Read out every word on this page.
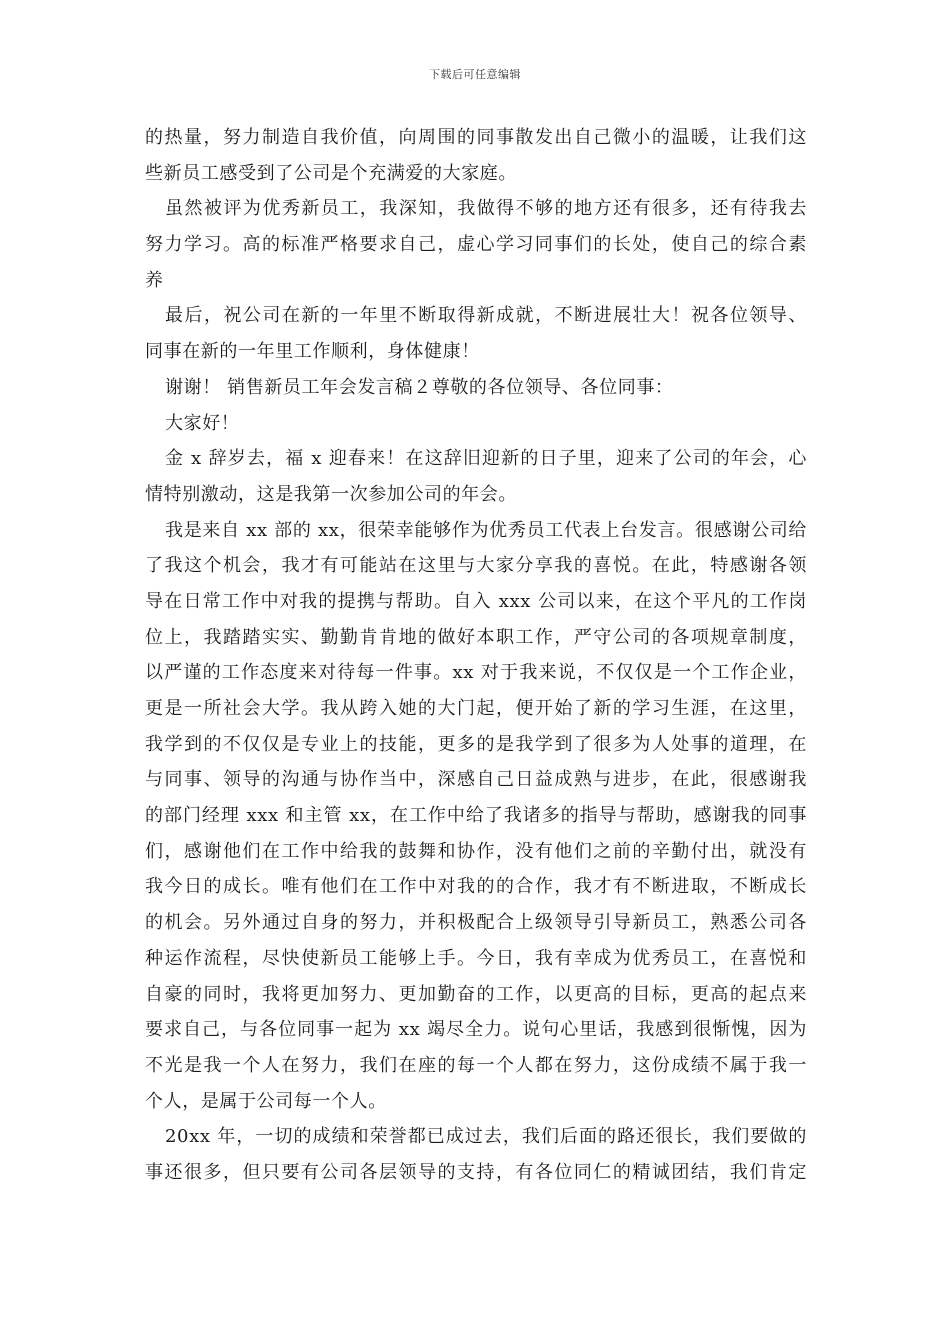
下载后可任意编辑
的热量，努力制造自我价值，向周围的同事散发出自己微小的温暖，让我们这
些新员工感受到了公司是个充满爱的大家庭。
虽然被评为优秀新员工，我深知，我做得不够的地方还有很多，还有待我去
努力学习。高的标准严格要求自己，虚心学习同事们的长处，使自己的综合素
养
最后，祝公司在新的一年里不断取得新成就，不断进展壮大！祝各位领导、
同事在新的一年里工作顺利，身体健康！
谢谢！ 销售新员工年会发言稿２尊敬的各位领导、各位同事：
大家好！
金 x 辞岁去，福 x 迎春来！在这辞旧迎新的日子里，迎来了公司的年会，心
情特别激动，这是我第一次参加公司的年会。
我是来自 xx 部的 xx，很荣幸能够作为优秀员工代表上台发言。很感谢公司给
了我这个机会，我才有可能站在这里与大家分享我的喜悦。在此，特感谢各领
导在日常工作中对我的提携与帮助。自入 xxx 公司以来，在这个平凡的工作岗
位上，我踏踏实实、勤勤肯肯地的做好本职工作，严守公司的各项规章制度，
以严谨的工作态度来对待每一件事。xx 对于我来说，不仅仅是一个工作企业，
更是一所社会大学。我从跨入她的大门起，便开始了新的学习生涯，在这里，
我学到的不仅仅是专业上的技能，更多的是我学到了很多为人处事的道理，在
与同事、领导的沟通与协作当中，深感自己日益成熟与进步，在此，很感谢我
的部门经理 xxx 和主管 xx，在工作中给了我诸多的指导与帮助，感谢我的同事
们，感谢他们在工作中给我的鼓舞和协作，没有他们之前的辛勤付出，就没有
我今日的成长。唯有他们在工作中对我的的合作，我才有不断进取，不断成长
的机会。另外通过自身的努力，并积极配合上级领导引导新员工，熟悉公司各
种运作流程，尽快使新员工能够上手。今日，我有幸成为优秀员工，在喜悦和
自豪的同时，我将更加努力、更加勤奋的工作，以更高的目标，更高的起点来
要求自己，与各位同事一起为 xx 竭尽全力。说句心里话，我感到很惭愧，因为
不光是我一个人在努力，我们在座的每一个人都在努力，这份成绩不属于我一
个人，是属于公司每一个人。
20xx 年，一切的成绩和荣誉都已成过去，我们后面的路还很长，我们要做的
事还很多，但只要有公司各层领导的支持，有各位同仁的精诚团结，我们肯定
